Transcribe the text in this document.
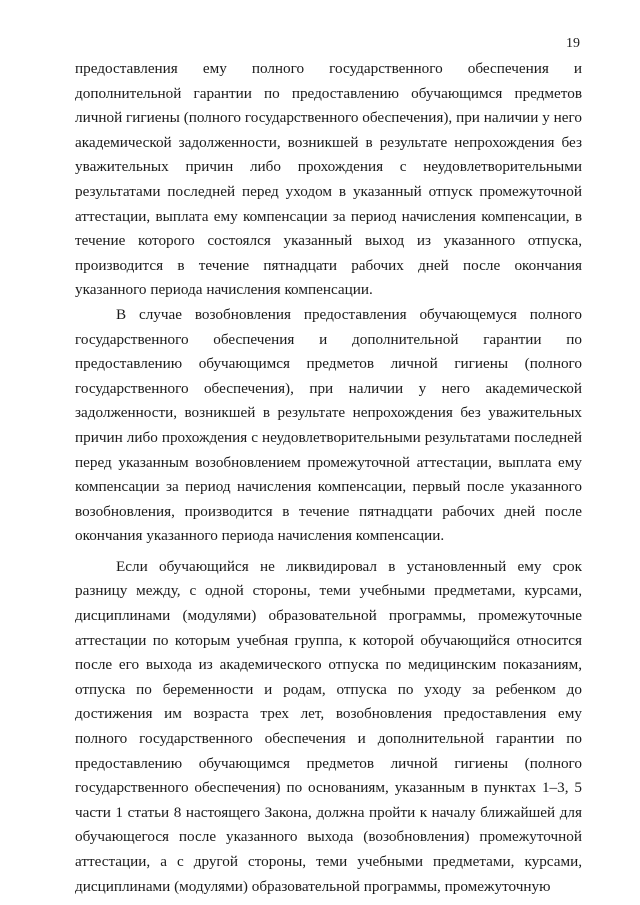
19

предоставления ему полного государственного обеспечения и дополнительной гарантии по предоставлению обучающимся предметов личной гигиены (полного государственного обеспечения), при наличии у него академической задолженности, возникшей в результате непрохождения без уважительных причин либо прохождения с неудовлетворительными результатами последней перед уходом в указанный отпуск промежуточной аттестации, выплата ему компенсации за период начисления компенсации, в течение которого состоялся указанный выход из указанного отпуска, производится в течение пятнадцати рабочих дней после окончания указанного периода начисления компенсации.

В случае возобновления предоставления обучающемуся полного государственного обеспечения и дополнительной гарантии по предоставлению обучающимся предметов личной гигиены (полного государственного обеспечения), при наличии у него академической задолженности, возникшей в результате непрохождения без уважительных причин либо прохождения с неудовлетворительными результатами последней перед указанным возобновлением промежуточной аттестации, выплата ему компенсации за период начисления компенсации, первый после указанного возобновления, производится в течение пятнадцати рабочих дней после окончания указанного периода начисления компенсации.

Если обучающийся не ликвидировал в установленный ему срок разницу между, с одной стороны, теми учебными предметами, курсами, дисциплинами (модулями) образовательной программы, промежуточные аттестации по которым учебная группа, к которой обучающийся относится после его выхода из академического отпуска по медицинским показаниям, отпуска по беременности и родам, отпуска по уходу за ребенком до достижения им возраста трех лет, возобновления предоставления ему полного государственного обеспечения и дополнительной гарантии по предоставлению обучающимся предметов личной гигиены (полного государственного обеспечения) по основаниям, указанным в пунктах 1–3, 5 части 1 статьи 8 настоящего Закона, должна пройти к началу ближайшей для обучающегося после указанного выхода (возобновления) промежуточной аттестации, а с другой стороны, теми учебными предметами, курсами, дисциплинами (модулями) образовательной программы, промежуточную
